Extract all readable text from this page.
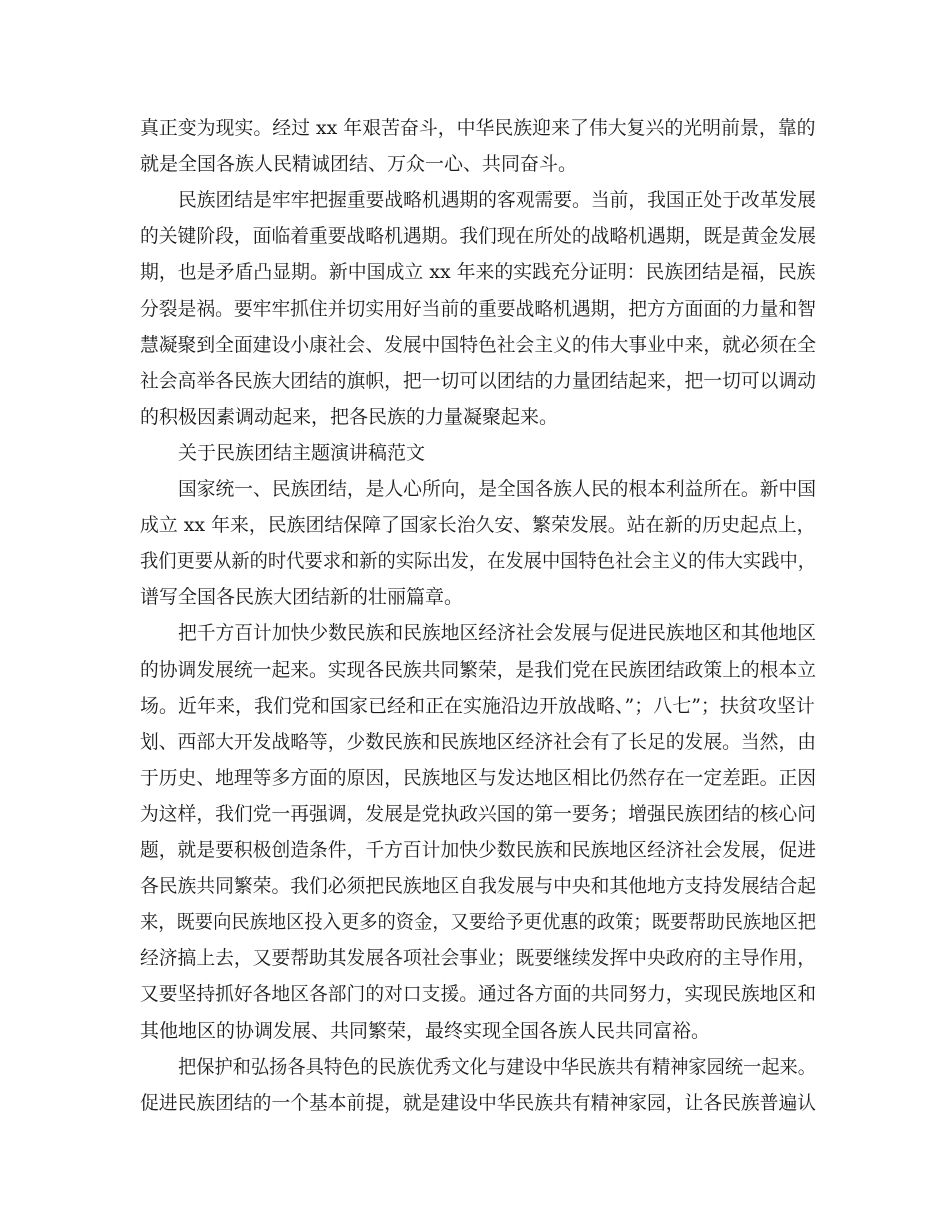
真正变为现实。经过 xx 年艰苦奋斗，中华民族迎来了伟大复兴的光明前景，靠的
就是全国各族人民精诚团结、万众一心、共同奋斗。
民族团结是牢牢把握重要战略机遇期的客观需要。当前，我国正处于改革发展
的关键阶段，面临着重要战略机遇期。我们现在所处的战略机遇期，既是黄金发展
期，也是矛盾凸显期。新中国成立 xx 年来的实践充分证明：民族团结是福，民族
分裂是祸。要牢牢抓住并切实用好当前的重要战略机遇期，把方方面面的力量和智
慧凝聚到全面建设小康社会、发展中国特色社会主义的伟大事业中来，就必须在全
社会高举各民族大团结的旗帜，把一切可以团结的力量团结起来，把一切可以调动
的积极因素调动起来，把各民族的力量凝聚起来。
关于民族团结主题演讲稿范文
国家统一、民族团结，是人心所向，是全国各族人民的根本利益所在。新中国
成立 xx 年来，民族团结保障了国家长治久安、繁荣发展。站在新的历史起点上，
我们更要从新的时代要求和新的实际出发，在发展中国特色社会主义的伟大实践中，
谱写全国各民族大团结新的壮丽篇章。
把千方百计加快少数民族和民族地区经济社会发展与促进民族地区和其他地区
的协调发展统一起来。实现各民族共同繁荣，是我们党在民族团结政策上的根本立
场。近年来，我们党和国家已经和正在实施沿边开放战略、”；八七”；扶贫攻坚计
划、西部大开发战略等，少数民族和民族地区经济社会有了长足的发展。当然，由
于历史、地理等多方面的原因，民族地区与发达地区相比仍然存在一定差距。正因
为这样，我们党一再强调，发展是党执政兴国的第一要务；增强民族团结的核心问
题，就是要积极创造条件，千方百计加快少数民族和民族地区经济社会发展，促进
各民族共同繁荣。我们必须把民族地区自我发展与中央和其他地方支持发展结合起
来，既要向民族地区投入更多的资金，又要给予更优惠的政策；既要帮助民族地区把
经济搞上去，又要帮助其发展各项社会事业；既要继续发挥中央政府的主导作用，
又要坚持抓好各地区各部门的对口支援。通过各方面的共同努力，实现民族地区和
其他地区的协调发展、共同繁荣，最终实现全国各族人民共同富裕。
把保护和弘扬各具特色的民族优秀文化与建设中华民族共有精神家园统一起来。
促进民族团结的一个基本前提，就是建设中华民族共有精神家园，让各民族普遍认
